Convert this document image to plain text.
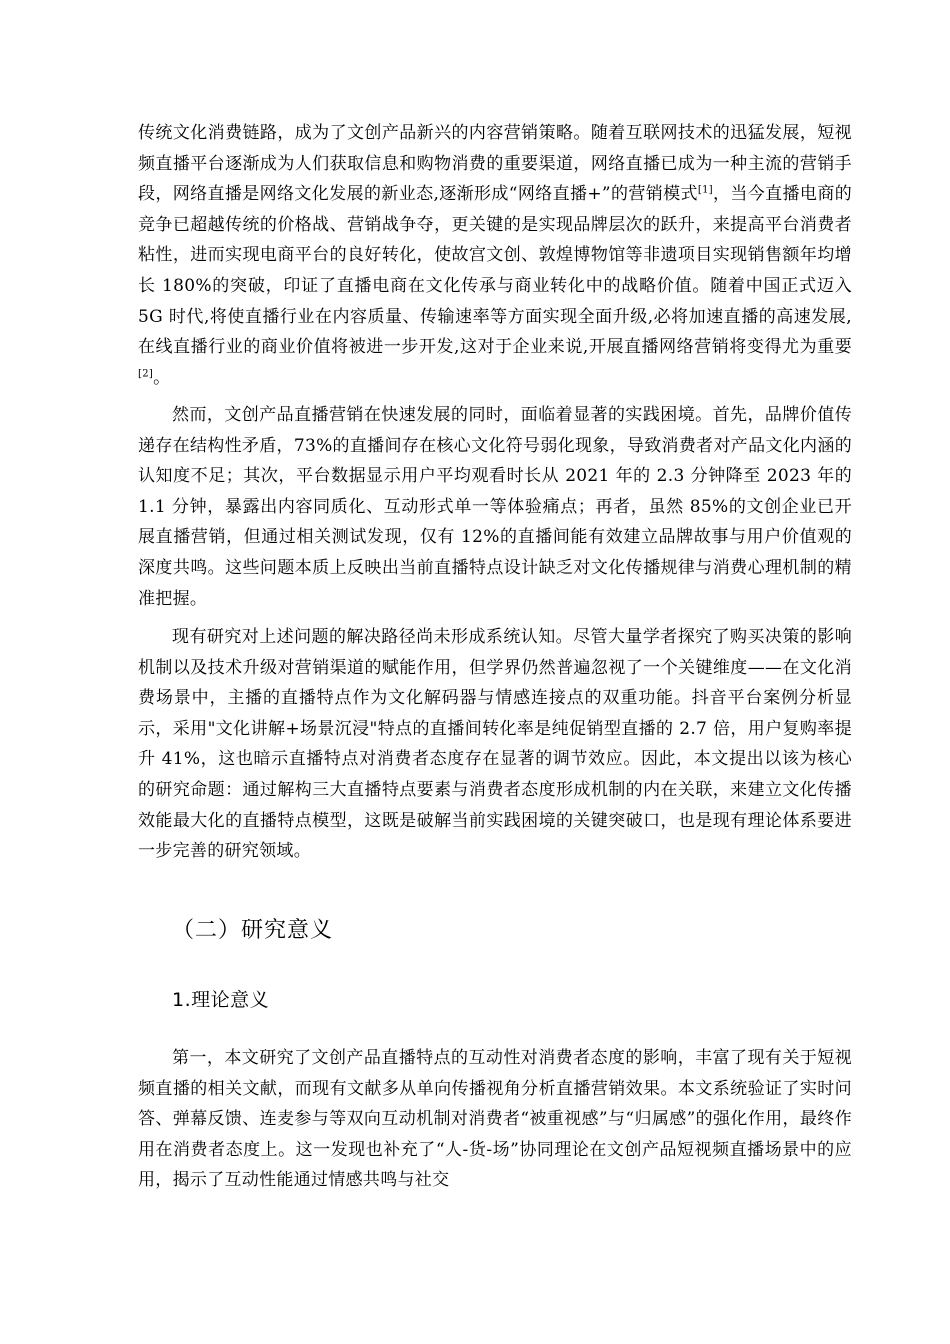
传统文化消费链路，成为了文创产品新兴的内容营销策略。随着互联网技术的迅猛发展，短视频直播平台逐渐成为人们获取信息和购物消费的重要渠道，网络直播已成为一种主流的营销手段，网络直播是网络文化发展的新业态,逐渐形成“网络直播+”的营销模式[1]，当今直播电商的竞争已超越传统的价格战、营销战争夺，更关键的是实现品牌层次的跃升，来提高平台消费者粘性，进而实现电商平台的良好转化，使故宫文创、敦煌博物馆等非遗项目实现销售额年均增长 180%的突破，印证了直播电商在文化传承与商业转化中的战略价值。随着中国正式迈入 5G 时代,将使直播行业在内容质量、传输速率等方面实现全面升级,必将加速直播的高速发展,在线直播行业的商业价值将被进一步开发,这对于企业来说,开展直播网络营销将变得尤为重要[2]。

然而，文创产品直播营销在快速发展的同时，面临着显著的实践困境。首先，品牌价值传递存在结构性矛盾，73%的直播间存在核心文化符号弱化现象，导致消费者对产品文化内涵的认知度不足；其次，平台数据显示用户平均观看时长从 2021 年的 2.3 分钟降至 2023 年的 1.1 分钟，暴露出内容同质化、互动形式单一等体验痛点；再者，虽然 85%的文创企业已开展直播营销，但通过相关测试发现，仅有 12%的直播间能有效建立品牌故事与用户价值观的深度共鸣。这些问题本质上反映出当前直播特点设计缺乏对文化传播规律与消费心理机制的精准把握。

现有研究对上述问题的解决路径尚未形成系统认知。尽管大量学者探究了购买决策的影响机制以及技术升级对营销渠道的赋能作用，但学界仍然普遍忽视了一个关键维度——在文化消费场景中，主播的直播特点作为文化解码器与情感连接点的双重功能。抖音平台案例分析显示，采用"文化讲解+场景沉浸"特点的直播间转化率是纯促销型直播的 2.7 倍，用户复购率提升 41%，这也暗示直播特点对消费者态度存在显著的调节效应。因此，本文提出以该为核心的研究命题：通过解构三大直播特点要素与消费者态度形成机制的内在关联，来建立文化传播效能最大化的直播特点模型，这既是破解当前实践困境的关键突破口，也是现有理论体系要进一步完善的研究领域。

（二）研究意义
1.理论意义

第一，本文研究了文创产品直播特点的互动性对消费者态度的影响，丰富了现有关于短视频直播的相关文献，而现有文献多从单向传播视角分析直播营销效果。本文系统验证了实时问答、弹幕反馈、连麦参与等双向互动机制对消费者“被重视感”与“归属感”的强化作用，最终作用在消费者态度上。这一发现也补充了“人-货-场”协同理论在文创产品短视频直播场景中的应用，揭示了互动性能通过情感共鸣与社交
